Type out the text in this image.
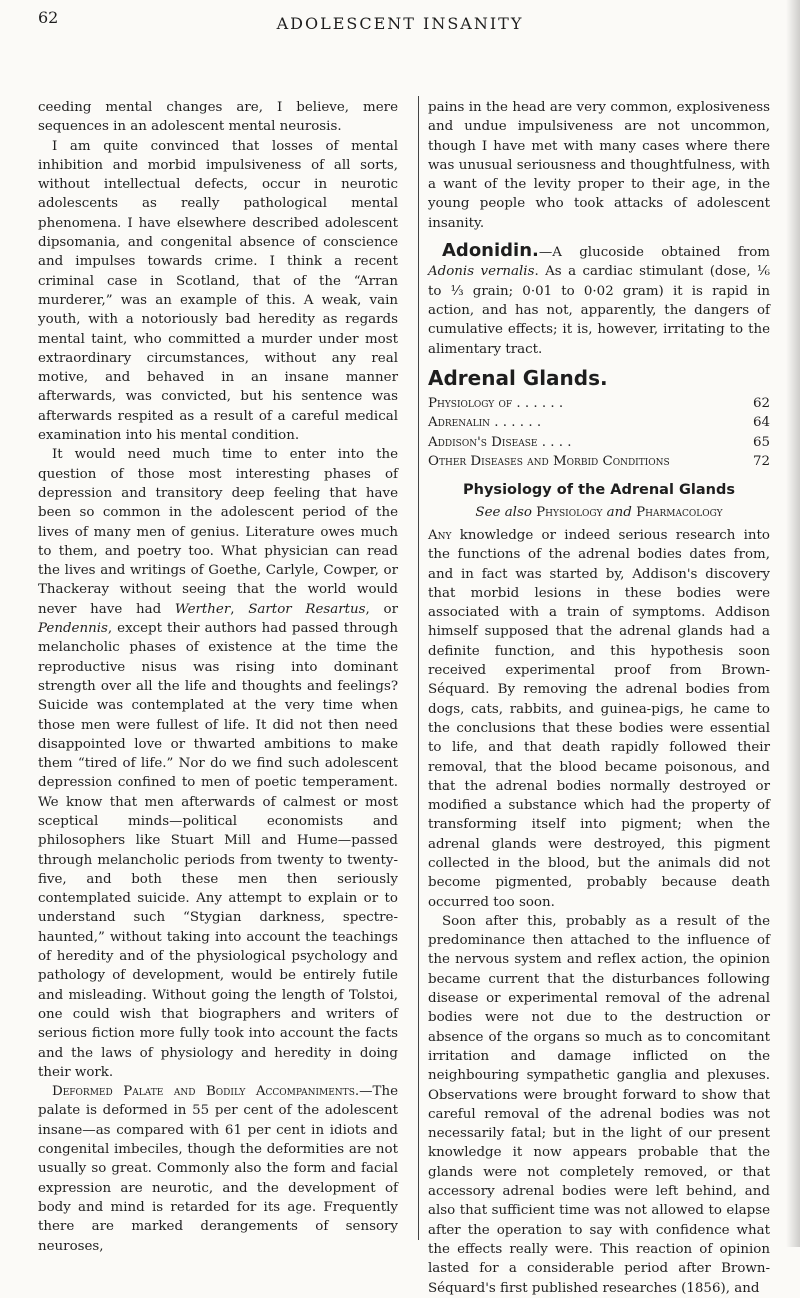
62	ADOLESCENT INSANITY

ceeding mental changes are, I believe, mere sequences in an adolescent mental neurosis.

I am quite convinced that losses of mental inhibition and morbid impulsiveness of all sorts, without intellectual defects, occur in neurotic adolescents as really pathological mental phenomena. I have elsewhere described adolescent dipsomania, and congenital absence of conscience and impulses towards crime. I think a recent criminal case in Scotland, that of the “Arran murderer,” was an example of this. A weak, vain youth, with a notoriously bad heredity as regards mental taint, who committed a murder under most extraordinary circumstances, without any real motive, and behaved in an insane manner afterwards, was convicted, but his sentence was afterwards respited as a result of a careful medical examination into his mental condition.

It would need much time to enter into the question of those most interesting phases of depression and transitory deep feeling that have been so common in the adolescent period of the lives of many men of genius. Literature owes much to them, and poetry too. What physician can read the lives and writings of Goethe, Carlyle, Cowper, or Thackeray without seeing that the world would never have had Werther, Sartor Resartus, or Pendennis, except their authors had passed through melancholic phases of existence at the time the reproductive nisus was rising into dominant strength over all the life and thoughts and feelings? Suicide was contemplated at the very time when those men were fullest of life. It did not then need disappointed love or thwarted ambitions to make them “tired of life.” Nor do we find such adolescent depression confined to men of poetic temperament. We know that men afterwards of calmest or most sceptical minds—political economists and philosophers like Stuart Mill and Hume—passed through melancholic periods from twenty to twenty-five, and both these men then seriously contemplated suicide. Any attempt to explain or to understand such “Stygian darkness, spectre-haunted,” without taking into account the teachings of heredity and of the physiological psychology and pathology of development, would be entirely futile and misleading. Without going the length of Tolstoi, one could wish that biographers and writers of serious fiction more fully took into account the facts and the laws of physiology and heredity in doing their work.

Deformed Palate and Bodily Accompaniments.—The palate is deformed in 55 per cent of the adolescent insane—as compared with 61 per cent in idiots and congenital imbeciles, though the deformities are not usually so great. Commonly also the form and facial expression are neurotic, and the development of body and mind is retarded for its age. Frequently there are marked derangements of sensory neuroses,

pains in the head are very common, explosiveness and undue impulsiveness are not uncommon, though I have met with many cases where there was unusual seriousness and thoughtfulness, with a want of the levity proper to their age, in the young people who took attacks of adolescent insanity.

Adonidin.—A glucoside obtained from Adonis vernalis. As a cardiac stimulant (dose, ⅙ to ⅓ grain; 0·01 to 0·02 gram) it is rapid in action, and has not, apparently, the dangers of cumulative effects; it is, however, irritating to the alimentary tract.

Adrenal Glands.
Physiology of . . . . . .	62
Adrenalin . . . . . .	64
Addison's Disease . . . .	65
Other Diseases and Morbid Conditions	72
Physiology of the Adrenal Glands
See also Physiology and Pharmacology

Any knowledge or indeed serious research into the functions of the adrenal bodies dates from, and in fact was started by, Addison's discovery that morbid lesions in these bodies were associated with a train of symptoms. Addison himself supposed that the adrenal glands had a definite function, and this hypothesis soon received experimental proof from Brown-Séquard. By removing the adrenal bodies from dogs, cats, rabbits, and guinea-pigs, he came to the conclusions that these bodies were essential to life, and that death rapidly followed their removal, that the blood became poisonous, and that the adrenal bodies normally destroyed or modified a substance which had the property of transforming itself into pigment; when the adrenal glands were destroyed, this pigment collected in the blood, but the animals did not become pigmented, probably because death occurred too soon.

Soon after this, probably as a result of the predominance then attached to the influence of the nervous system and reflex action, the opinion became current that the disturbances following disease or experimental removal of the adrenal bodies were not due to the destruction or absence of the organs so much as to concomitant irritation and damage inflicted on the neighbouring sympathetic ganglia and plexuses. Observations were brought forward to show that careful removal of the adrenal bodies was not necessarily fatal; but in the light of our present knowledge it now appears probable that the glands were not completely removed, or that accessory adrenal bodies were left behind, and also that sufficient time was not allowed to elapse after the operation to say with confidence what the effects really were. This reaction of opinion lasted for a considerable period after Brown-Séquard's first published researches (1856), and
